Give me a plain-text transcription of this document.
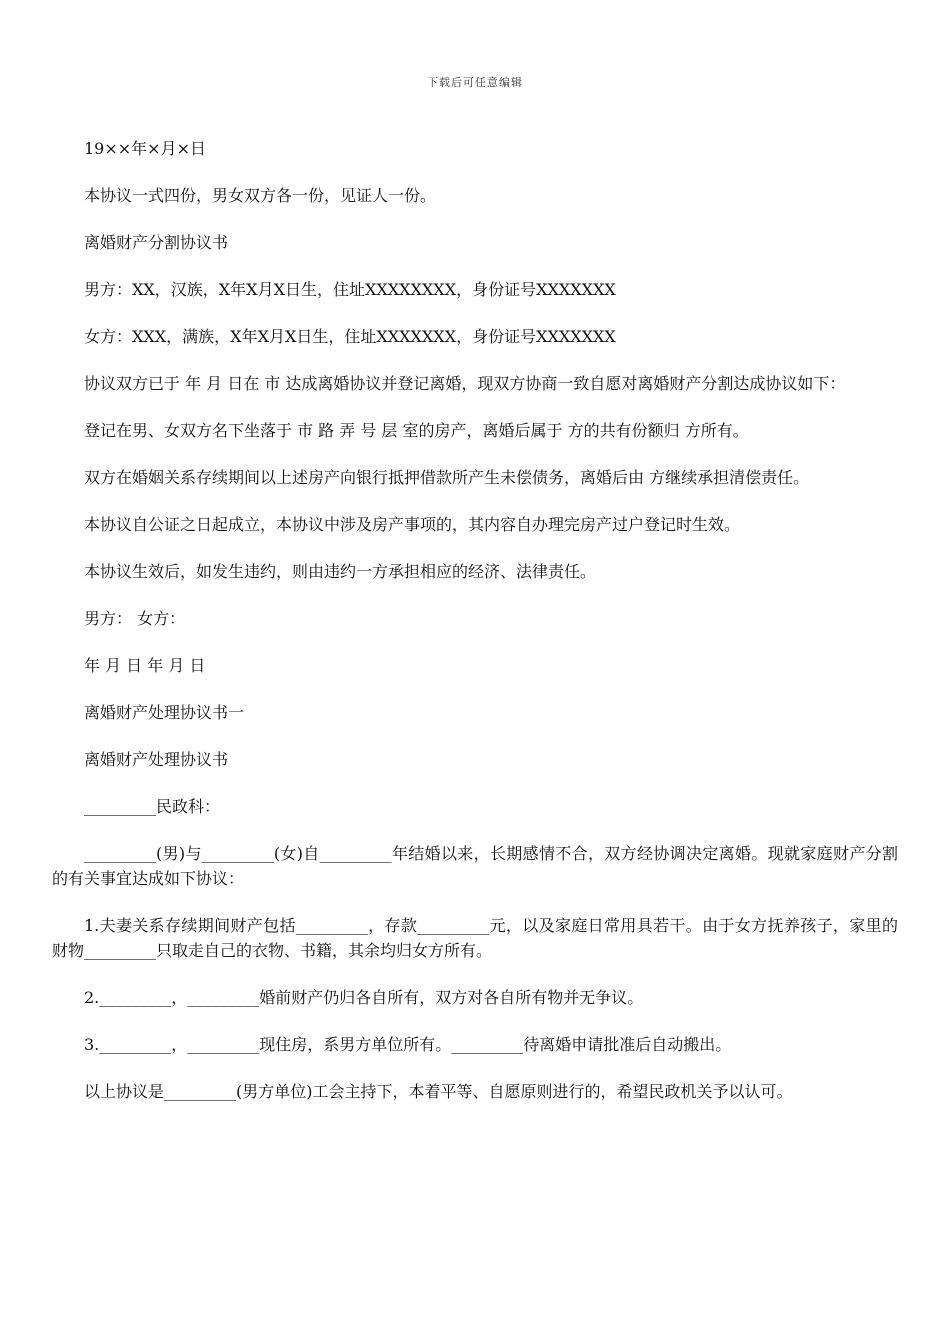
下载后可任意编辑

19××年×月×日

本协议一式四份，男女双方各一份，见证人一份。

离婚财产分割协议书

男方：XX，汉族，X年X月X日生，住址XXXXXXXX，身份证号XXXXXXX

女方：XXX，满族，X年X月X日生，住址XXXXXXX，身份证号XXXXXXX

协议双方已于 年 月 日在 市 达成离婚协议并登记离婚，现双方协商一致自愿对离婚财产分割达成协议如下：

登记在男、女双方名下坐落于 市 路 弄 号 层 室的房产，离婚后属于 方的共有份额归 方所有。

双方在婚姻关系存续期间以上述房产向银行抵押借款所产生未偿债务，离婚后由 方继续承担清偿责任。

本协议自公证之日起成立，本协议中涉及房产事项的，其内容自办理完房产过户登记时生效。

本协议生效后，如发生违约，则由违约一方承担相应的经济、法律责任。

男方： 女方：

年 月 日 年 月 日

离婚财产处理协议书一

离婚财产处理协议书

_________民政科：

_________(男)与_________(女)自_________年结婚以来，长期感情不合，双方经协调决定离婚。现就家庭财产分割的有关事宜达成如下协议：

1.夫妻关系存续期间财产包括_________，存款_________元，以及家庭日常用具若干。由于女方抚养孩子，家里的财物_________只取走自己的衣物、书籍，其余均归女方所有。

2._________，_________婚前财产仍归各自所有，双方对各自所有物并无争议。

3._________，_________现住房，系男方单位所有。_________待离婚申请批准后自动搬出。

以上协议是_________(男方单位)工会主持下，本着平等、自愿原则进行的，希望民政机关予以认可。
